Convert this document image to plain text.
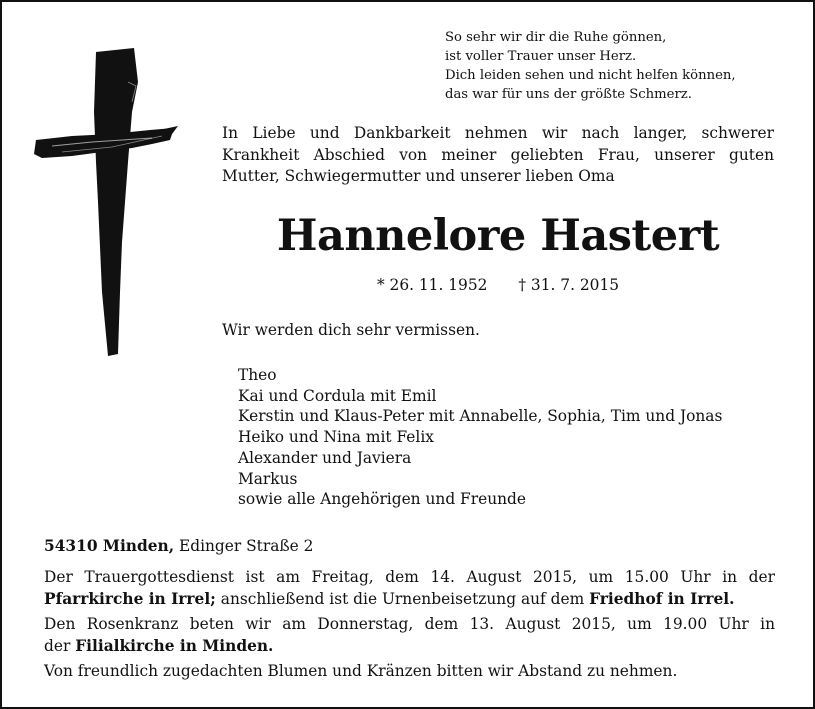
So sehr wir dir die Ruhe gönnen,
ist voller Trauer unser Herz.
Dich leiden sehen und nicht helfen können,
das war für uns der größte Schmerz.
In Liebe und Dankbarkeit nehmen wir nach langer, schwerer
Krankheit Abschied von meiner geliebten Frau, unserer guten
Mutter, Schwiegermutter und unserer lieben Oma
Hannelore Hastert
* 26. 11. 1952 † 31. 7. 2015
Wir werden dich sehr vermissen.
Theo
Kai und Cordula mit Emil
Kerstin und Klaus-Peter mit Annabelle, Sophia, Tim und Jonas
Heiko und Nina mit Felix
Alexander und Javiera
Markus
sowie alle Angehörigen und Freunde
54310 Minden, Edinger Straße 2
Der Trauergottesdienst ist am Freitag, dem 14. August 2015, um 15.00 Uhr in der
Pfarrkirche in Irrel; anschließend ist die Urnenbeisetzung auf dem Friedhof in Irrel.
Den Rosenkranz beten wir am Donnerstag, dem 13. August 2015, um 19.00 Uhr in
der Filialkirche in Minden.
Von freundlich zugedachten Blumen und Kränzen bitten wir Abstand zu nehmen.
